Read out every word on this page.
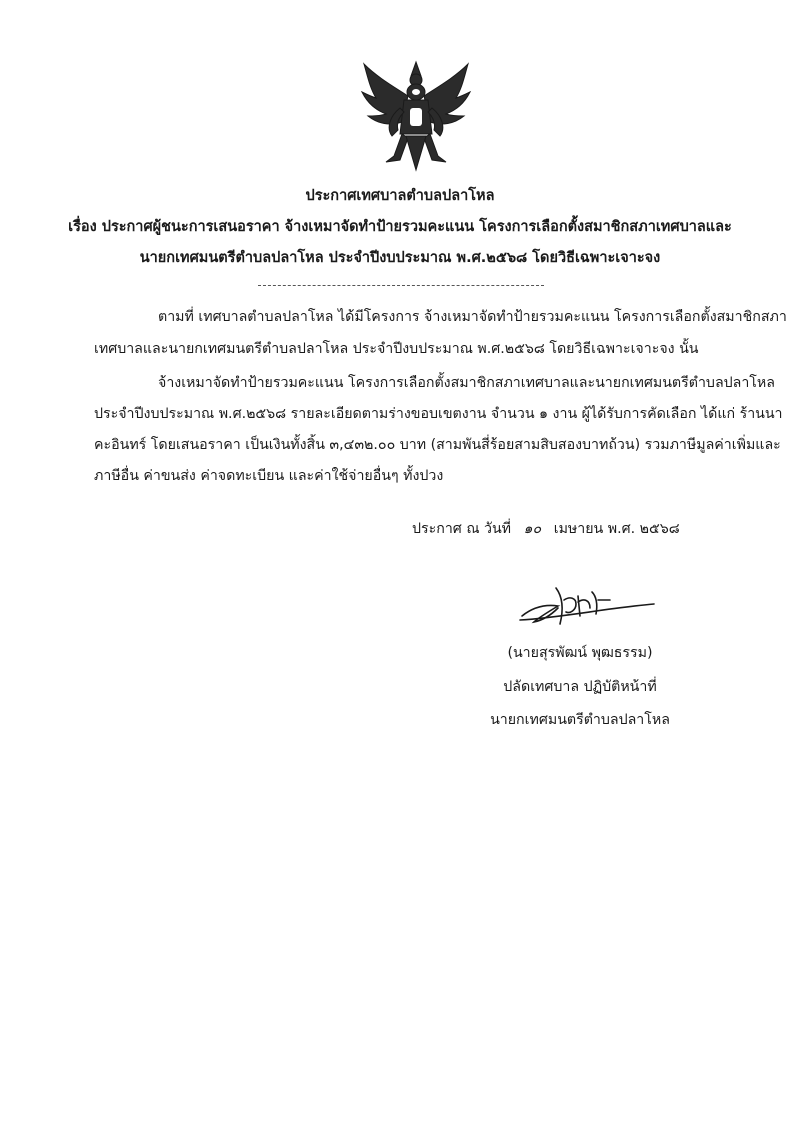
ประกาศเทศบาลตำบลปลาโหล
เรื่อง ประกาศผู้ชนะการเสนอราคา จ้างเหมาจัดทำป้ายรวมคะแนน โครงการเลือกตั้งสมาชิกสภาเทศบาลและ
นายกเทศมนตรีตำบลปลาโหล ประจำปีงบประมาณ พ.ศ.๒๕๖๘ โดยวิธีเฉพาะเจาะจง
ตามที่ เทศบาลตำบลปลาโหล ได้มีโครงการ จ้างเหมาจัดทำป้ายรวมคะแนน โครงการเลือกตั้งสมาชิกสภา
เทศบาลและนายกเทศมนตรีตำบลปลาโหล ประจำปีงบประมาณ พ.ศ.๒๕๖๘ โดยวิธีเฉพาะเจาะจง นั้น
จ้างเหมาจัดทำป้ายรวมคะแนน โครงการเลือกตั้งสมาชิกสภาเทศบาลและนายกเทศมนตรีตำบลปลาโหล
ประจำปีงบประมาณ พ.ศ.๒๕๖๘ รายละเอียดตามร่างขอบเขตงาน จำนวน ๑ งาน ผู้ได้รับการคัดเลือก ได้แก่ ร้านนา
คะอินทร์ โดยเสนอราคา เป็นเงินทั้งสิ้น ๓,๔๓๒.๐๐ บาท (สามพันสี่ร้อยสามสิบสองบาทถ้วน) รวมภาษีมูลค่าเพิ่มและ
ภาษีอื่น ค่าขนส่ง ค่าจดทะเบียน และค่าใช้จ่ายอื่นๆ ทั้งปวง
ประกาศ ณ วันที่ ๑๐ เมษายน พ.ศ. ๒๕๖๘
(นายสุรพัฒน์ พุฒธรรม)
ปลัดเทศบาล ปฏิบัติหน้าที่
นายกเทศมนตรีตำบลปลาโหล
